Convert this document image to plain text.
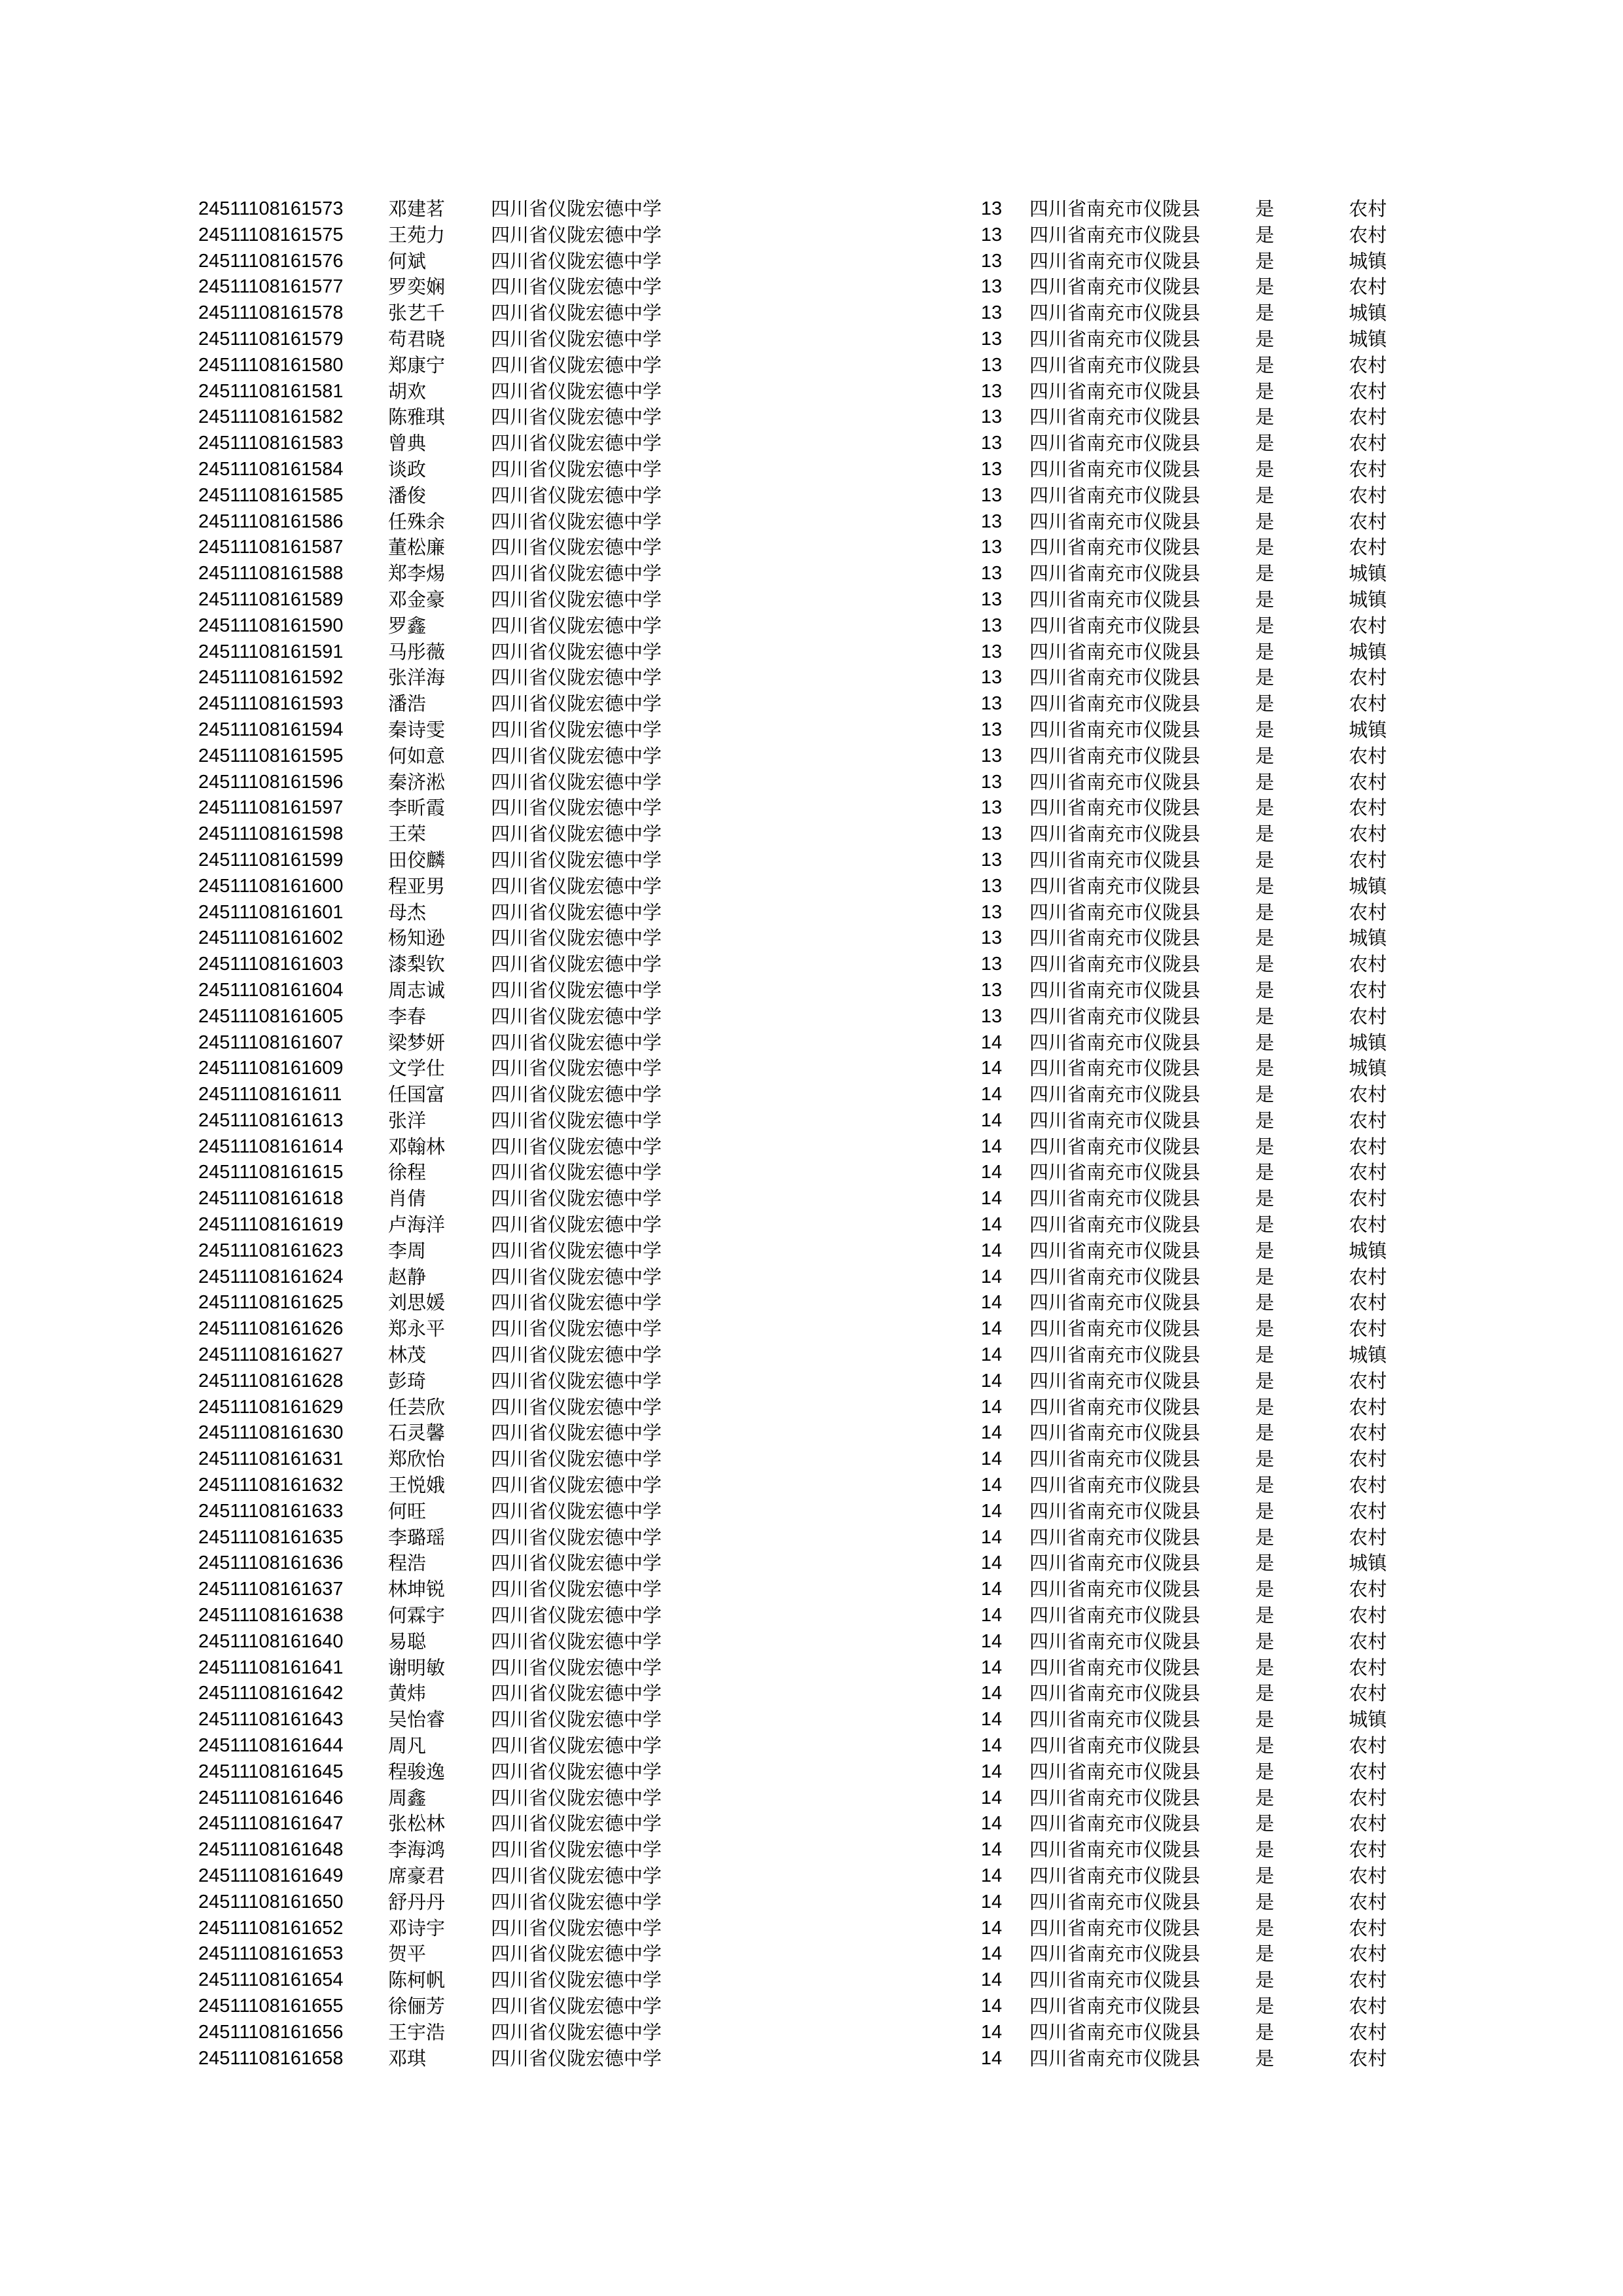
24511108161573 邓建茗 四川省仪陇宏德中学	13	四川省南充市仪陇县	是	农村
24511108161575 王苑力 四川省仪陇宏德中学	13	四川省南充市仪陇县	是	农村
24511108161576 何斌	四川省仪陇宏德中学	13	四川省南充市仪陇县	是	城镇
24511108161577 罗奕娴 四川省仪陇宏德中学	13	四川省南充市仪陇县	是	农村
24511108161578 张艺千 四川省仪陇宏德中学	13	四川省南充市仪陇县	是	城镇
24511108161579 苟君晓 四川省仪陇宏德中学	13	四川省南充市仪陇县	是	城镇
24511108161580 郑康宁 四川省仪陇宏德中学	13	四川省南充市仪陇县	是	农村
24511108161581 胡欢	四川省仪陇宏德中学	13	四川省南充市仪陇县	是	农村
24511108161582 陈雅琪 四川省仪陇宏德中学	13	四川省南充市仪陇县	是	农村
24511108161583 曾典	四川省仪陇宏德中学	13	四川省南充市仪陇县	是	农村
24511108161584 谈政	四川省仪陇宏德中学	13	四川省南充市仪陇县	是	农村
24511108161585 潘俊	四川省仪陇宏德中学	13	四川省南充市仪陇县	是	农村
24511108161586 任殊余 四川省仪陇宏德中学	13	四川省南充市仪陇县	是	农村
24511108161587 董松廉 四川省仪陇宏德中学	13	四川省南充市仪陇县	是	农村
24511108161588 郑李焬 四川省仪陇宏德中学	13	四川省南充市仪陇县	是	城镇
24511108161589 邓金豪 四川省仪陇宏德中学	13	四川省南充市仪陇县	是	城镇
24511108161590 罗鑫	四川省仪陇宏德中学	13	四川省南充市仪陇县	是	农村
24511108161591 马彤薇 四川省仪陇宏德中学	13	四川省南充市仪陇县	是	城镇
24511108161592 张洋海 四川省仪陇宏德中学	13	四川省南充市仪陇县	是	农村
24511108161593 潘浩	四川省仪陇宏德中学	13	四川省南充市仪陇县	是	农村
24511108161594 秦诗雯 四川省仪陇宏德中学	13	四川省南充市仪陇县	是	城镇
24511108161595 何如意 四川省仪陇宏德中学	13	四川省南充市仪陇县	是	农村
24511108161596 秦济淞 四川省仪陇宏德中学	13	四川省南充市仪陇县	是	农村
24511108161597 李昕霞 四川省仪陇宏德中学	13	四川省南充市仪陇县	是	农村
24511108161598 王荣	四川省仪陇宏德中学	13	四川省南充市仪陇县	是	农村
24511108161599 田佼麟 四川省仪陇宏德中学	13	四川省南充市仪陇县	是	农村
24511108161600 程亚男 四川省仪陇宏德中学	13	四川省南充市仪陇县	是	城镇
24511108161601 母杰	四川省仪陇宏德中学	13	四川省南充市仪陇县	是	农村
24511108161602 杨知逊 四川省仪陇宏德中学	13	四川省南充市仪陇县	是	城镇
24511108161603 漆梨钦 四川省仪陇宏德中学	13	四川省南充市仪陇县	是	农村
24511108161604 周志诚 四川省仪陇宏德中学	13	四川省南充市仪陇县	是	农村
24511108161605 李春	四川省仪陇宏德中学	13	四川省南充市仪陇县	是	农村
24511108161607 梁梦妍 四川省仪陇宏德中学	14	四川省南充市仪陇县	是	城镇
24511108161609 文学仕 四川省仪陇宏德中学	14	四川省南充市仪陇县	是	城镇
24511108161611 任国富 四川省仪陇宏德中学	14	四川省南充市仪陇县	是	农村
24511108161613 张洋	四川省仪陇宏德中学	14	四川省南充市仪陇县	是	农村
24511108161614 邓翰林 四川省仪陇宏德中学	14	四川省南充市仪陇县	是	农村
24511108161615 徐程	四川省仪陇宏德中学	14	四川省南充市仪陇县	是	农村
24511108161618 肖倩	四川省仪陇宏德中学	14	四川省南充市仪陇县	是	农村
24511108161619 卢海洋 四川省仪陇宏德中学	14	四川省南充市仪陇县	是	农村
24511108161623 李周	四川省仪陇宏德中学	14	四川省南充市仪陇县	是	城镇
24511108161624 赵静	四川省仪陇宏德中学	14	四川省南充市仪陇县	是	农村
24511108161625 刘思媛 四川省仪陇宏德中学	14	四川省南充市仪陇县	是	农村
24511108161626 郑永平 四川省仪陇宏德中学	14	四川省南充市仪陇县	是	农村
24511108161627 林茂	四川省仪陇宏德中学	14	四川省南充市仪陇县	是	城镇
24511108161628 彭琦	四川省仪陇宏德中学	14	四川省南充市仪陇县	是	农村
24511108161629 任芸欣 四川省仪陇宏德中学	14	四川省南充市仪陇县	是	农村
24511108161630 石灵馨 四川省仪陇宏德中学	14	四川省南充市仪陇县	是	农村
24511108161631 郑欣怡 四川省仪陇宏德中学	14	四川省南充市仪陇县	是	农村
24511108161632 王悦娥 四川省仪陇宏德中学	14	四川省南充市仪陇县	是	农村
24511108161633 何旺	四川省仪陇宏德中学	14	四川省南充市仪陇县	是	农村
24511108161635 李璐瑶 四川省仪陇宏德中学	14	四川省南充市仪陇县	是	农村
24511108161636 程浩	四川省仪陇宏德中学	14	四川省南充市仪陇县	是	城镇
24511108161637 林坤锐 四川省仪陇宏德中学	14	四川省南充市仪陇县	是	农村
24511108161638 何霖宇 四川省仪陇宏德中学	14	四川省南充市仪陇县	是	农村
24511108161640 易聪	四川省仪陇宏德中学	14	四川省南充市仪陇县	是	农村
24511108161641 谢明敏 四川省仪陇宏德中学	14	四川省南充市仪陇县	是	农村
24511108161642 黄炜	四川省仪陇宏德中学	14	四川省南充市仪陇县	是	农村
24511108161643 吴怡睿 四川省仪陇宏德中学	14	四川省南充市仪陇县	是	城镇
24511108161644 周凡	四川省仪陇宏德中学	14	四川省南充市仪陇县	是	农村
24511108161645 程骏逸 四川省仪陇宏德中学	14	四川省南充市仪陇县	是	农村
24511108161646 周鑫	四川省仪陇宏德中学	14	四川省南充市仪陇县	是	农村
24511108161647 张松林 四川省仪陇宏德中学	14	四川省南充市仪陇县	是	农村
24511108161648 李海鸿 四川省仪陇宏德中学	14	四川省南充市仪陇县	是	农村
24511108161649 席豪君 四川省仪陇宏德中学	14	四川省南充市仪陇县	是	农村
24511108161650 舒丹丹 四川省仪陇宏德中学	14	四川省南充市仪陇县	是	农村
24511108161652 邓诗宇 四川省仪陇宏德中学	14	四川省南充市仪陇县	是	农村
24511108161653 贺平	四川省仪陇宏德中学	14	四川省南充市仪陇县	是	农村
24511108161654 陈柯帆 四川省仪陇宏德中学	14	四川省南充市仪陇县	是	农村
24511108161655 徐俪芳 四川省仪陇宏德中学	14	四川省南充市仪陇县	是	农村
24511108161656 王宇浩 四川省仪陇宏德中学	14	四川省南充市仪陇县	是	农村
24511108161658 邓琪	四川省仪陇宏德中学	14	四川省南充市仪陇县	是	农村
